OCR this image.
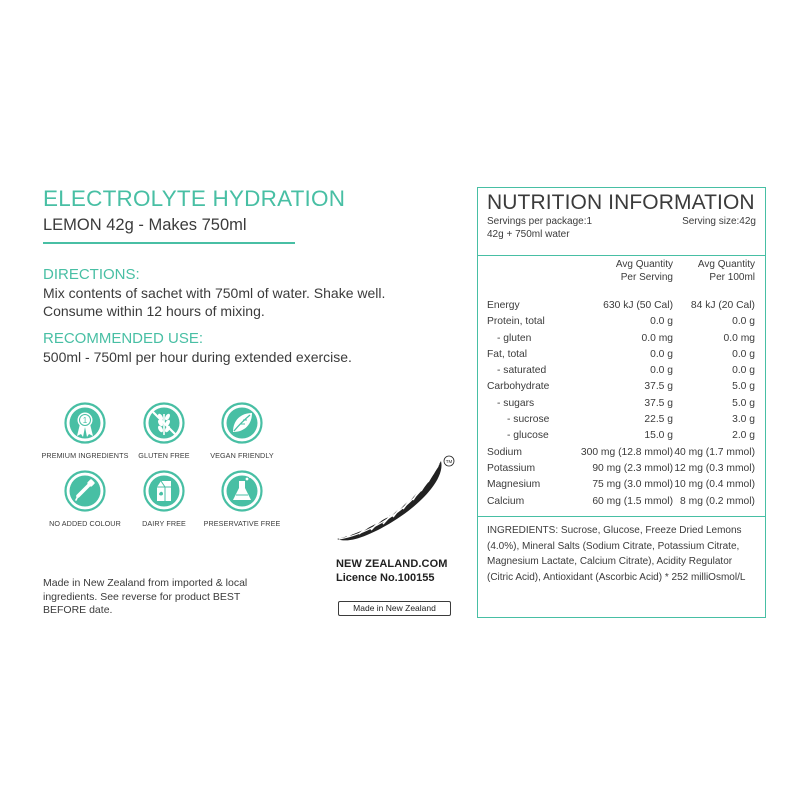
ELECTROLYTE HYDRATION
LEMON 42g - Makes 750ml
DIRECTIONS:
Mix contents of sachet with 750ml of water. Shake well.
Consume within 12 hours of mixing.
RECOMMENDED USE:
500ml - 750ml per hour during extended exercise.
1
PREMIUM INGREDIENTS	GLUTEN FREE	VEGAN FRIENDLY
NO ADDED COLOUR	DAIRY FREE	PRESERVATIVE FREE
Made in New Zealand from imported & local ingredients. See reverse for product BEST BEFORE date.
TM
NEW ZEALAND.COM
Licence No.100155
Made in New Zealand
NUTRITION INFORMATION
Servings per package:1	Serving size:42g
42g + 750ml water
Avg Quantity
Per Serving
Avg Quantity
Per 100ml
Energy	630 kJ (50 Cal)	84 kJ (20 Cal)
Protein, total	0.0 g	0.0 g
- gluten	0.0 mg	0.0 mg
Fat, total	0.0 g	0.0 g
- saturated	0.0 g	0.0 g
Carbohydrate	37.5 g	5.0 g
- sugars	37.5 g	5.0 g
- sucrose	22.5 g	3.0 g
- glucose	15.0 g	2.0 g
Sodium	300 mg (12.8 mmol) 40 mg (1.7 mmol)
Potassium	90 mg (2.3 mmol) 12 mg (0.3 mmol)
Magnesium	75 mg (3.0 mmol) 10 mg (0.4 mmol)
Calcium	60 mg (1.5 mmol) 8 mg (0.2 mmol)
INGREDIENTS: Sucrose, Glucose, Freeze Dried Lemons (4.0%), Mineral Salts (Sodium Citrate, Potassium Citrate, Magnesium Lactate, Calcium Citrate), Acidity Regulator (Citric Acid), Antioxidant (Ascorbic Acid) * 252 milliOsmol/L
